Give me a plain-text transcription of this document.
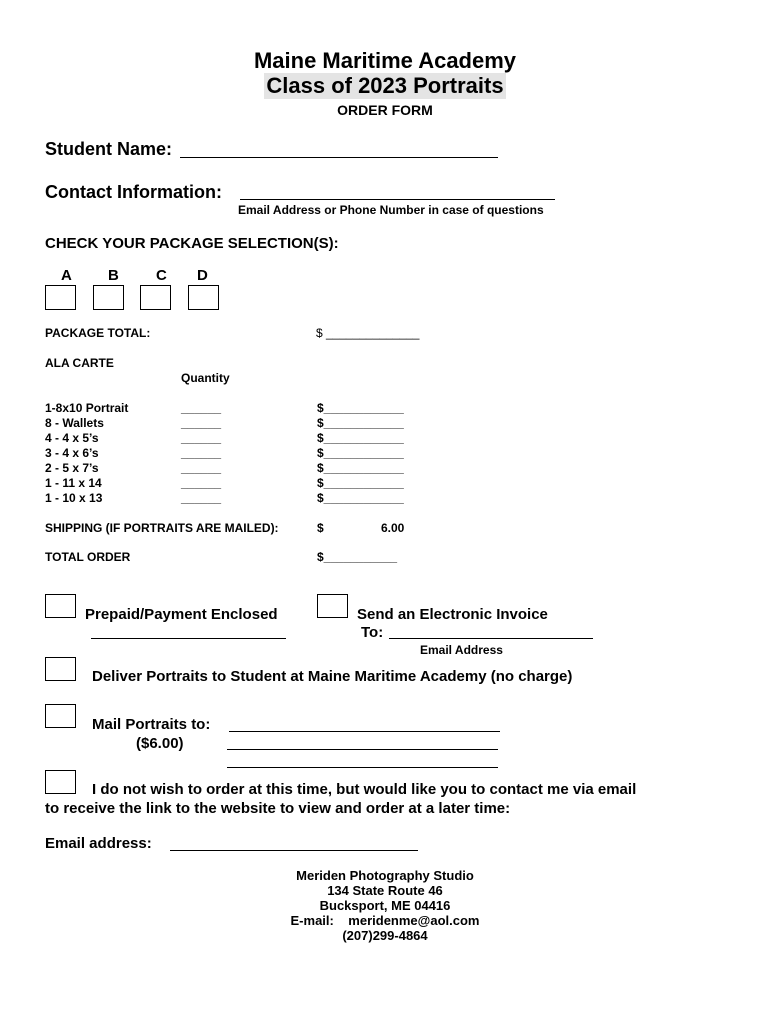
Maine Maritime Academy
Class of 2023 Portraits
ORDER FORM
Student Name:
Contact Information:
Email Address or Phone Number in case of questions
CHECK YOUR PACKAGE SELECTION(S):
A B C D
PACKAGE TOTAL:	$ ______________
ALA CARTE
Quantity
1-8x10 Portrait	______	$____________
8 - Wallets	______	$____________
4 - 4 x 5’s	______	$____________
3 - 4 x 6’s	______	$____________
2 - 5 x 7’s	______	$____________
1 - 11 x 14	______	$____________
1 - 10 x 13	______	$____________
SHIPPING (IF PORTRAITS ARE MAILED):	$	6.00
TOTAL ORDER	$___________
Prepaid/Payment Enclosed	Send an Electronic Invoice
To:
Email Address
Deliver Portraits to Student at Maine Maritime Academy (no charge)
Mail Portraits to:
($6.00)
I do not wish to order at this time, but would like you to contact me via email
to receive the link to the website to view and order at a later time:
Email address:
Meriden Photography Studio
134 State Route 46
Bucksport, ME 04416
E-mail:    meridenme@aol.com
(207)299-4864
